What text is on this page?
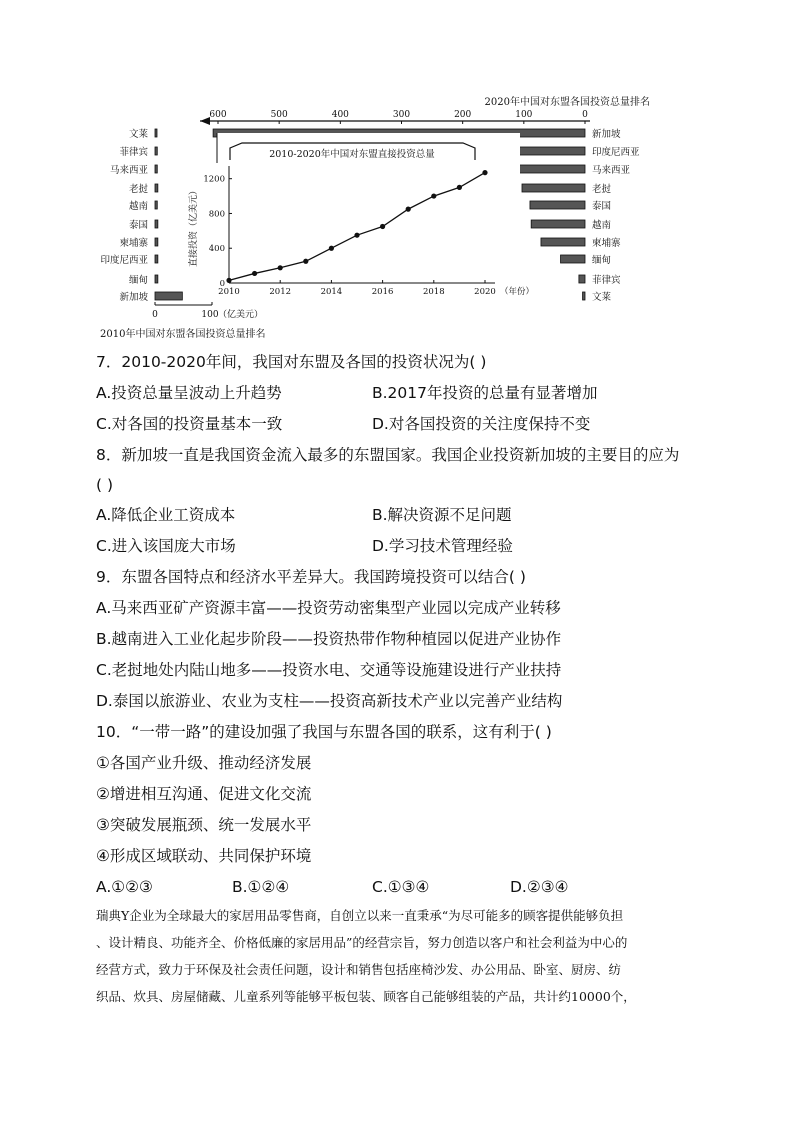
2020年中国对东盟各国投资总量排名
600	500	400	300	200	100	0
新加坡
印度尼西亚
马来西亚
老挝
泰国
越南
柬埔寨
缅甸
菲律宾
文莱
文莱
菲律宾
马来西亚
老挝
越南
泰国
柬埔寨
印度尼西亚
缅甸
新加坡
0	100 （亿美元）
2010年中国对东盟各国投资总量排名
2010-2020年中国对东盟直接投资总量
0
400
800
1200
2010	2012	2014	2016	2018	2020 （年份）
直接投资（亿美元）
7．2010-2020年间，我国对东盟及各国的投资状况为( )
A.投资总量呈波动上升趋势	B.2017年投资的总量有显著增加
C.对各国的投资量基本一致	D.对各国投资的关注度保持不变
8．新加坡一直是我国资金流入最多的东盟国家。我国企业投资新加坡的主要目的应为
( )
A.降低企业工资成本	B.解决资源不足问题
C.进入该国庞大市场	D.学习技术管理经验
9．东盟各国特点和经济水平差异大。我国跨境投资可以结合( )
A.马来西亚矿产资源丰富——投资劳动密集型产业园以完成产业转移
B.越南进入工业化起步阶段——投资热带作物种植园以促进产业协作
C.老挝地处内陆山地多——投资水电、交通等设施建设进行产业扶持
D.泰国以旅游业、农业为支柱——投资高新技术产业以完善产业结构
10．“一带一路”的建设加强了我国与东盟各国的联系，这有利于( )
①各国产业升级、推动经济发展
②增进相互沟通、促进文化交流
③突破发展瓶颈、统一发展水平
④形成区域联动、共同保护环境
A.①②③	B.①②④	C.①③④	D.②③④
瑞典Y企业为全球最大的家居用品零售商，自创立以来一直秉承“为尽可能多的顾客提供能够负担
、设计精良、功能齐全、价格低廉的家居用品”的经营宗旨，努力创造以客户和社会利益为中心的
经营方式，致力于环保及社会责任问题，设计和销售包括座椅沙发、办公用品、卧室、厨房、纺
织品、炊具、房屋储藏、儿童系列等能够平板包装、顾客自己能够组装的产品，共计约10000个，
